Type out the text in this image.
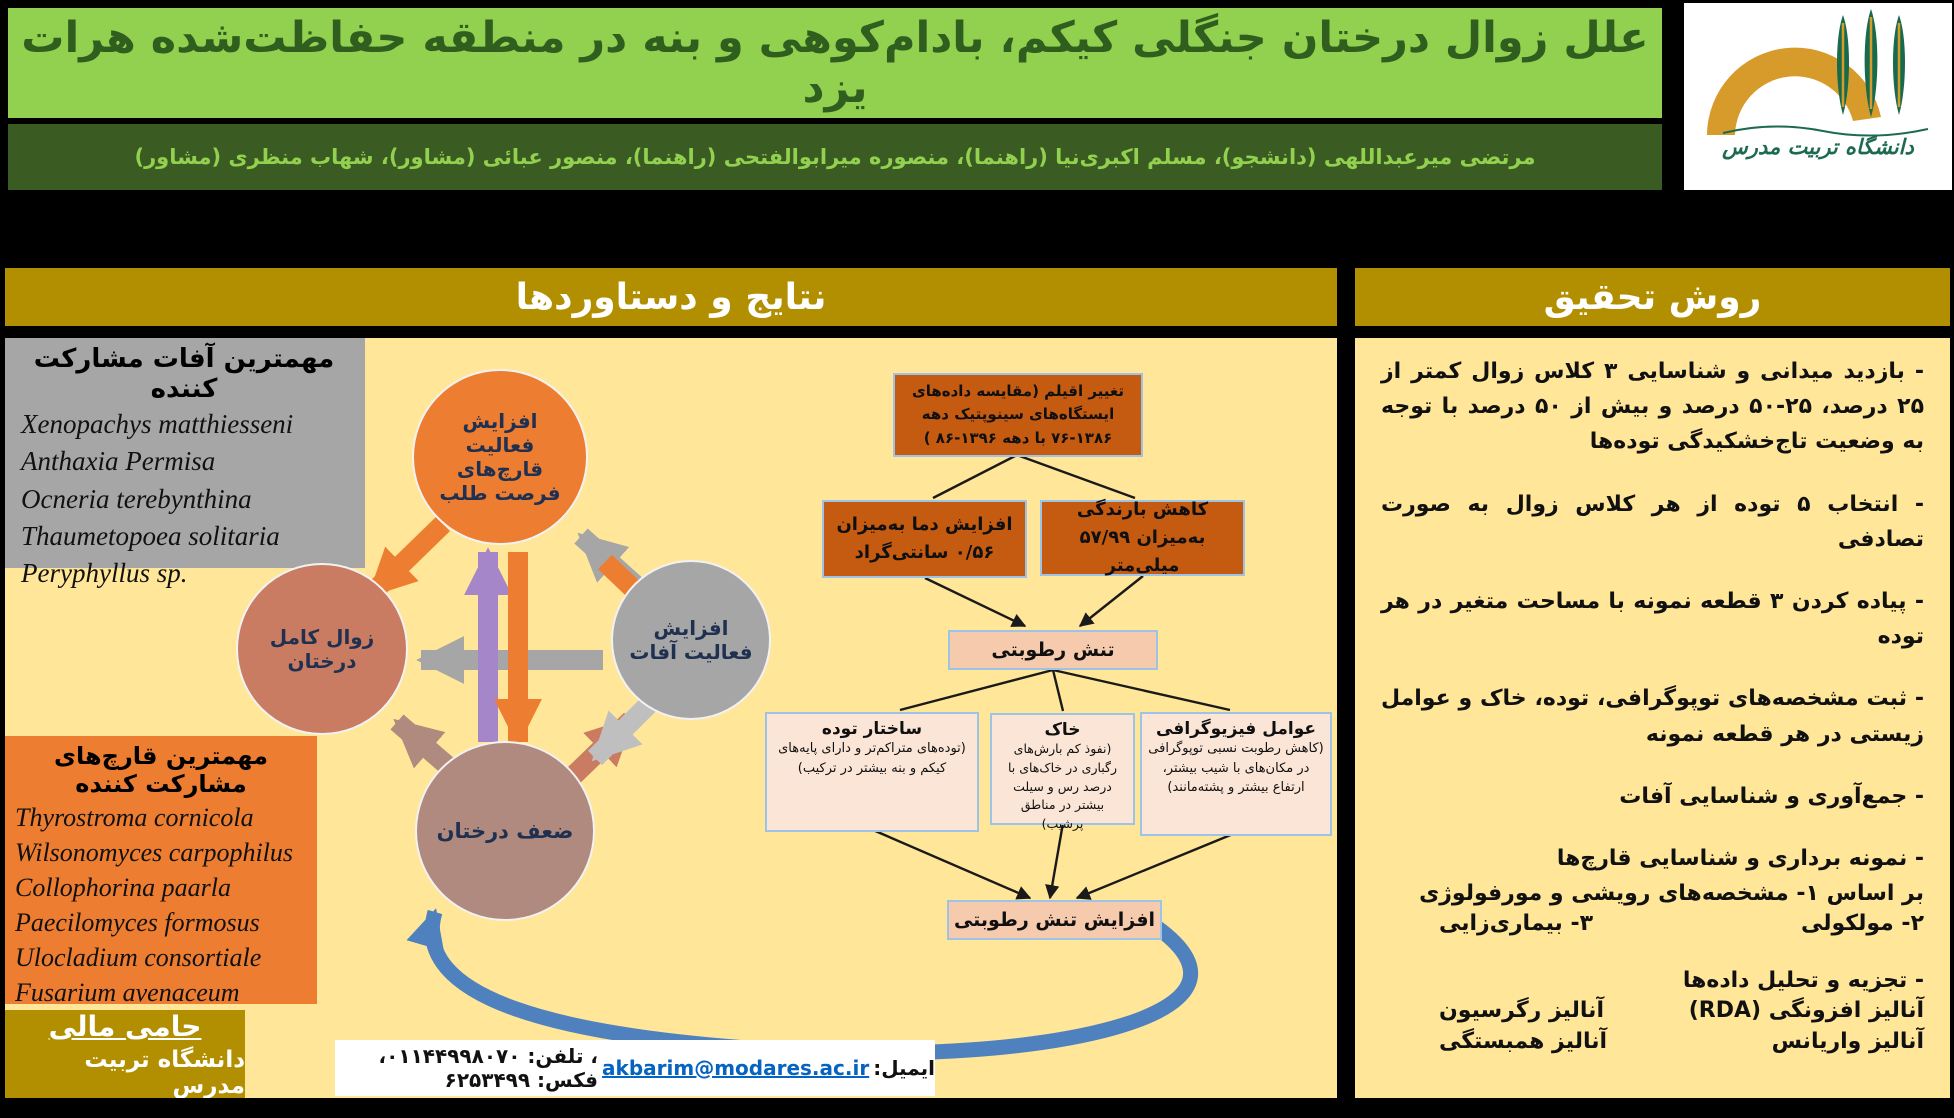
علل زوال درختان جنگلی کیکم، بادام‌کوهی و بنه در منطقه حفاظت‌شده هرات یزد
مرتضی میرعبداللهی (دانشجو)، مسلم اکبری‌نیا (راهنما)، منصوره میرابوالفتحی (راهنما)، منصور عبائی (مشاور)، شهاب منظری (مشاور)	دانشگاه تربیت مدرس
نتایج و دستاوردها	روش تحقیق
مهمترین آفات مشارکت کننده
Xenopachys matthiesseni
Anthaxia Permisa
Ocneria terebynthina
Thaumetopoea solitaria
Peryphyllus sp.
مهمترین قارچ‌های مشارکت کننده
Thyrostroma cornicola
Wilsonomyces carpophilus
Collophorina paarla
Paecilomyces formosus
Ulocladium consortiale
Fusarium avenaceum
حامی مالی
دانشگاه تربیت مدرس
افزایش فعالیت قارچ‌های فرصت طلب
زوال کامل درختان
افزایش فعالیت آفات
ضعف درختان
تغییر اقیلم (مقایسه داده‌های ایستگاه‌های سینوپتیک دهه ۱۳۸۶-۷۶ با دهه ۱۳۹۶-۸۶ )
افزایش دما به‌میزان ۰/۵۶ سانتی‌گراد
کاهش بارندگی به‌میزان ۵۷/۹۹ میلی‌متر
تنش رطوبتی
ساختار توده
(توده‌های متراکم‌تر و دارای پایه‌های کیکم و بنه بیشتر در ترکیب)
خاک
(نفوذ کم بارش‌های رگباری در خاک‌های با درصد رس و سیلت بیشتر در مناطق پرشیب)
عوامل فیزیوگرافی
(کاهش رطوبت نسبی توپوگرافی در مکان‌های با شیب بیشتر، ارتفاع بیشتر و پشته‌مانند)
افزایش تنش رطوبتی
ایمیل:
akbarim@modares.ac.ir
، تلفن: ۰۱۱۴۴۹۹۸۰۷۰، فکس: ۶۲۵۳۴۹۹

- بازدید میدانی و شناسایی ۳ کلاس زوال کمتر از ۲۵ درصد، ۲۵-۵۰ درصد و بیش از ۵۰ درصد با توجه به وضعیت تاج‌خشکیدگی توده‌ها

- انتخاب ۵ توده از هر کلاس زوال به صورت تصادفی

- پیاده کردن ۳ قطعه نمونه با مساحت متغیر در هر توده

- ثبت مشخصه‌های توپوگرافی، توده، خاک و عوامل زیستی در هر قطعه نمونه

- جمع‌آوری و شناسایی آفات

- نمونه برداری و شناسایی قارچ‌ها

بر اساس ۱- مشخصه‌های رویشی و مورفولوژی

۲- مولکولی
۳- بیماری‌زایی

- تجزیه و تحلیل داده‌ها

آنالیز افزونگی (RDA)
آنالیز رگرسیون
آنالیز واریانس
آنالیز همبستگی
